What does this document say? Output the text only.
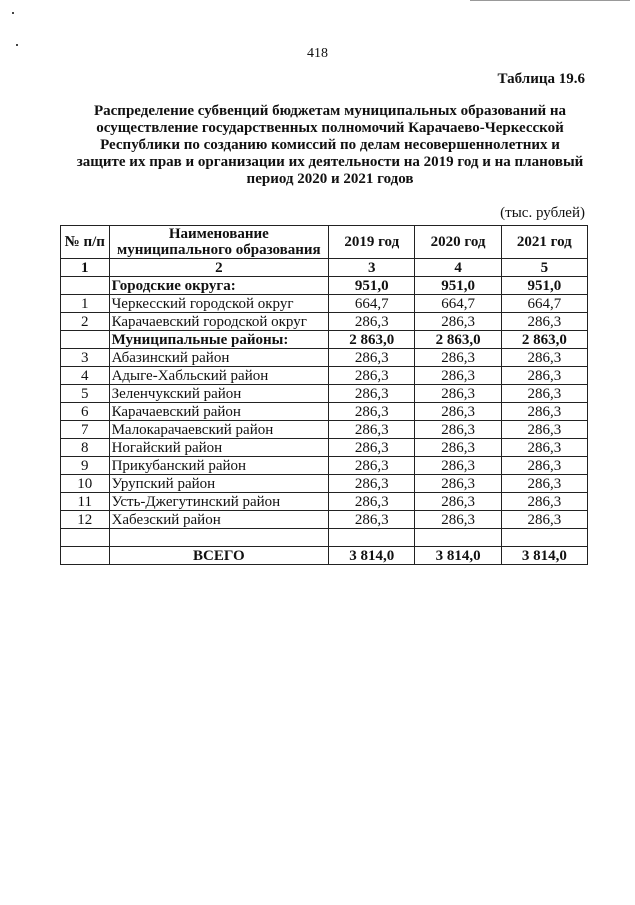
418
Таблица 19.6
Распределение субвенций бюджетам муниципальных образований на
осуществление государственных полномочий Карачаево-Черкесской
Республики по созданию комиссий по делам несовершеннолетних и
защите их прав и организации их деятельности на 2019 год и на плановый
период 2020 и 2021 годов
(тыс. рублей)
№ п/п	Наименование муниципального образования	2019 год	2020 год	2021 год
1	2	3	4	5
	Городские округа:	951,0	951,0	951,0
1	Черкесский городской округ	664,7	664,7	664,7
2	Карачаевский городской округ	286,3	286,3	286,3
	Муниципальные районы:	2 863,0	2 863,0	2 863,0
3	Абазинский район	286,3	286,3	286,3
4	Адыге-Хабльский район	286,3	286,3	286,3
5	Зеленчукский район	286,3	286,3	286,3
6	Карачаевский район	286,3	286,3	286,3
7	Малокарачаевский район	286,3	286,3	286,3
8	Ногайский район	286,3	286,3	286,3
9	Прикубанский район	286,3	286,3	286,3
10	Урупский район	286,3	286,3	286,3
11	Усть-Джегутинский район	286,3	286,3	286,3
12	Хабезский район	286,3	286,3	286,3

	ВСЕГО	3 814,0	3 814,0	3 814,0
